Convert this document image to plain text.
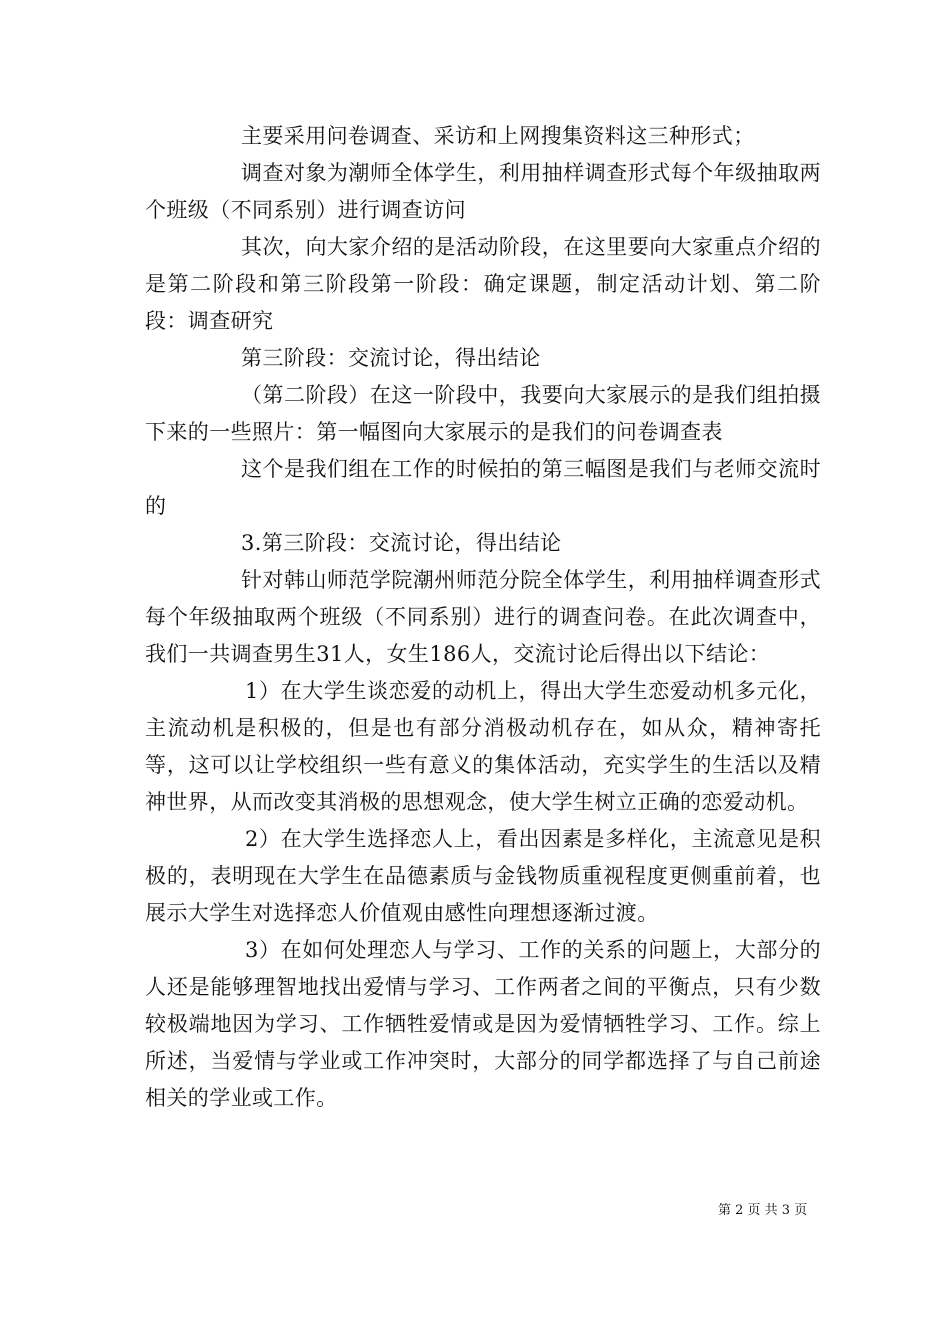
主要采用问卷调查、采访和上网搜集资料这三种形式；

调查对象为潮师全体学生，利用抽样调查形式每个年级抽取两个班级（不同系别）进行调查访问

其次，向大家介绍的是活动阶段，在这里要向大家重点介绍的是第二阶段和第三阶段第一阶段：确定课题，制定活动计划、第二阶段：调查研究

第三阶段：交流讨论，得出结论

（第二阶段）在这一阶段中，我要向大家展示的是我们组拍摄下来的一些照片：第一幅图向大家展示的是我们的问卷调查表

这个是我们组在工作的时候拍的第三幅图是我们与老师交流时的

3.第三阶段：交流讨论，得出结论

针对韩山师范学院潮州师范分院全体学生，利用抽样调查形式每个年级抽取两个班级（不同系别）进行的调查问卷。在此次调查中，我们一共调查男生31人，女生186人，交流讨论后得出以下结论：

1）在大学生谈恋爱的动机上，得出大学生恋爱动机多元化，主流动机是积极的，但是也有部分消极动机存在，如从众，精神寄托等，这可以让学校组织一些有意义的集体活动，充实学生的生活以及精神世界，从而改变其消极的思想观念，使大学生树立正确的恋爱动机。

2）在大学生选择恋人上，看出因素是多样化，主流意见是积极的，表明现在大学生在品德素质与金钱物质重视程度更侧重前着，也展示大学生对选择恋人价值观由感性向理想逐渐过渡。

3）在如何处理恋人与学习、工作的关系的问题上，大部分的人还是能够理智地找出爱情与学习、工作两者之间的平衡点，只有少数较极端地因为学习、工作牺牲爱情或是因为爱情牺牲学习、工作。综上所述，当爱情与学业或工作冲突时，大部分的同学都选择了与自己前途相关的学业或工作。

第 2 页 共 3 页
